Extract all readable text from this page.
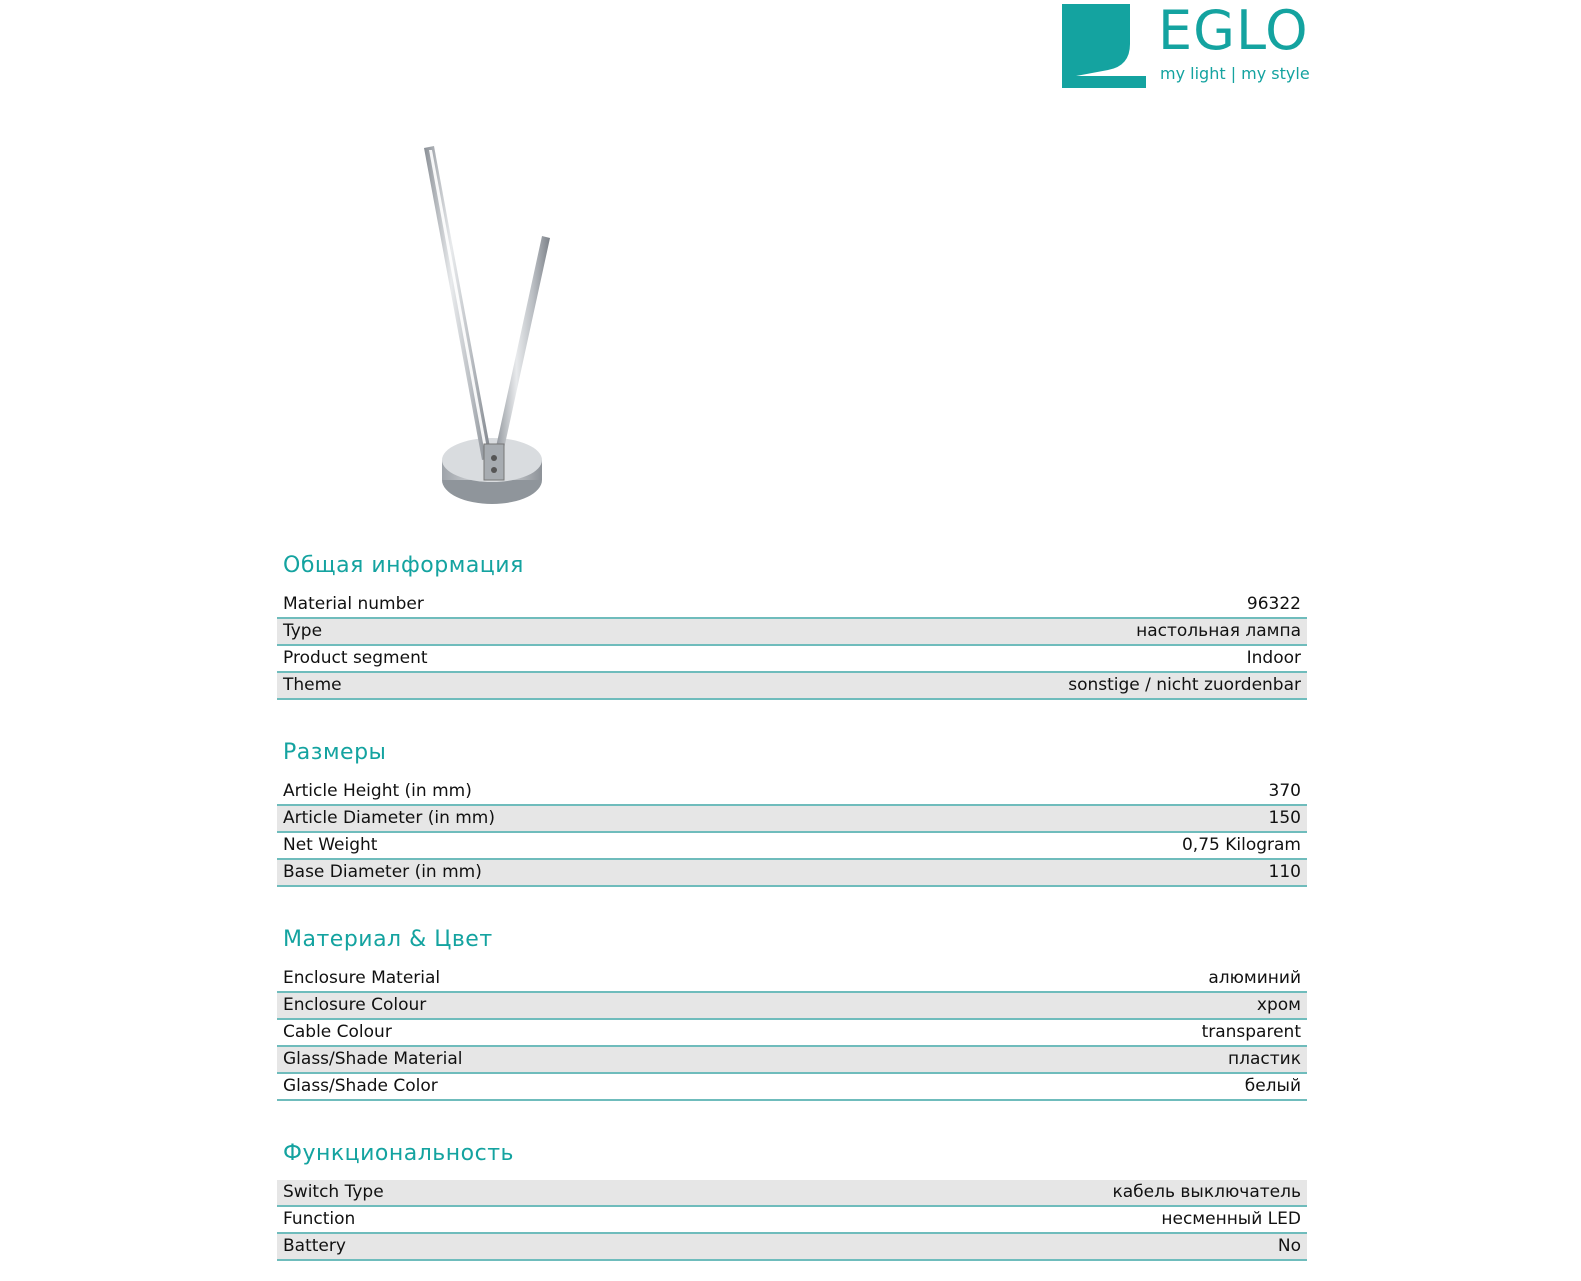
EGLO
my light | my style
Общая информация
Material number	96322
Type	настольная лампа
Product segment	Indoor
Theme	sonstige / nicht zuordenbar
Размеры
Article Height (in mm)	370
Article Diameter (in mm)	150
Net Weight	0,75 Kilogram
Base Diameter (in mm)	110
Материал & Цвет
Enclosure Material	алюминий
Enclosure Colour	хром
Cable Colour	transparent
Glass/Shade Material	пластик
Glass/Shade Color	белый
Функциональность
Switch Type	кабель выключатель
Function	несменный LED
Battery	No
